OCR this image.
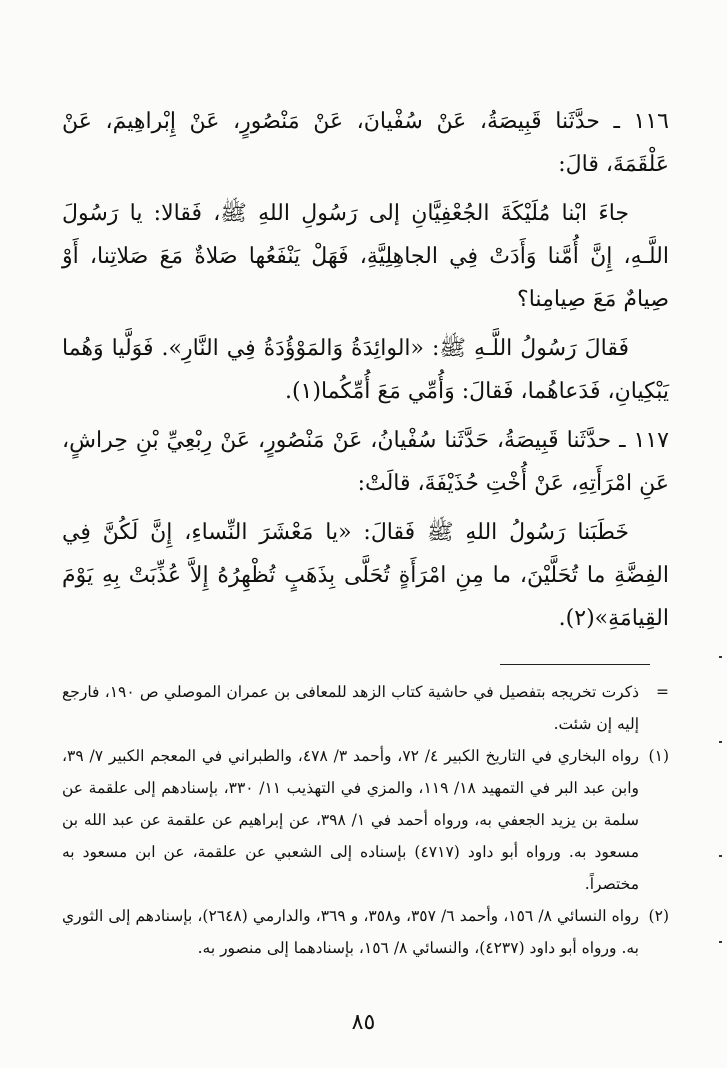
١١٦ ـ حدَّثَنا قَبِيصَةُ، عَنْ سُفْيانَ، عَنْ مَنْصُورٍ، عَنْ إِبْراهِيمَ، عَنْ عَلْقَمَةَ، قالَ:

جاءَ ابْنا مُلَيْكَةَ الجُعْفِيَّانِ إلى رَسُولِ اللهِ ﷺ، فَقالا: يا رَسُولَ اللَّـهِ، إِنَّ أُمَّنا وَأَدَتْ فِي الجاهِلِيَّةِ، فَهَلْ يَنْفَعُها صَلاةٌ مَعَ صَلاتِنا، أَوْ صِيامٌ مَعَ صِيامِنا؟

فَقالَ رَسُولُ اللَّـهِ ﷺ: «الوائِدَةُ وَالمَوْؤُدَةُ فِي النَّارِ». فَوَلَّيا وَهُما يَبْكِيانِ، فَدَعاهُما، فَقالَ: وَأُمِّي مَعَ أُمِّكُما(١).

١١٧ ـ حدَّثَنا قَبِيصَةُ، حَدَّثَنا سُفْيانُ، عَنْ مَنْصُورٍ، عَنْ رِبْعِيِّ بْنِ حِراشٍ، عَنِ امْرَأَتِهِ، عَنْ أُخْتِ حُذَيْفَةَ، قالَتْ:

خَطَبَنا رَسُولُ اللهِ ﷺ فَقالَ: «يا مَعْشَرَ النِّساءِ، إِنَّ لَكُنَّ فِي الفِضَّةِ ما تُحَلَّيْنَ، ما مِنِ امْرَأَةٍ تُحَلَّى بِذَهَبٍ تُظْهِرُهُ إِلاَّ عُذِّبَتْ بِهِ يَوْمَ القِيامَةِ»(٢).

=
ذكرت تخريجه بتفصيل في حاشية كتاب الزهد للمعافى بن عمران الموصلي ص ١٩٠، فارجع إليه إن شئت.
(١)
رواه البخاري في التاريخ الكبير ٤/ ٧٢، وأحمد ٣/ ٤٧٨، والطبراني في المعجم الكبير ٧/ ٣٩، وابن عبد البر في التمهيد ١٨/ ١١٩، والمزي في التهذيب ١١/ ٣٣٠، بإسنادهم إلى علقمة عن سلمة بن يزيد الجعفي به، ورواه أحمد في ١/ ٣٩٨، عن إبراهيم عن علقمة عن عبد الله بن مسعود به. ورواه أبو داود (٤٧١٧) بإسناده إلى الشعبي عن علقمة، عن ابن مسعود به مختصراً.
(٢)
رواه النسائي ٨/ ١٥٦، وأحمد ٦/ ٣٥٧، و٣٥٨، و ٣٦٩، والدارمي (٢٦٤٨)، بإسنادهم إلى الثوري به. ورواه أبو داود (٤٢٣٧)، والنسائي ٨/ ١٥٦، بإسنادهما إلى منصور به.
٨٥
